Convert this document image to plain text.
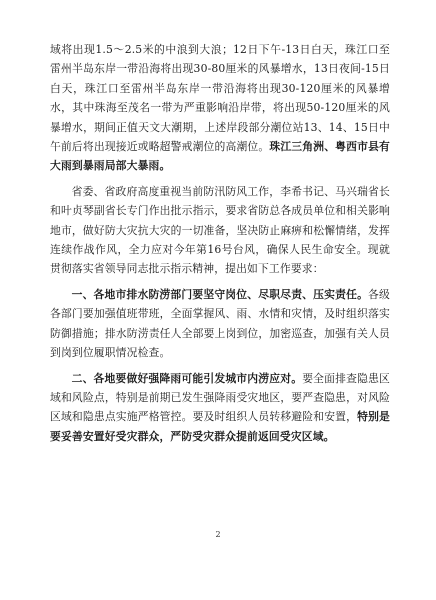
域将出现1.5～2.5米的中浪到大浪；12日下午-13日白天，珠江口至雷州半岛东岸一带沿海将出现30-80厘米的风暴增水，13日夜间-15日白天，珠江口至雷州半岛东岸一带沿海将出现30-120厘米的风暴增水，其中珠海至茂名一带为严重影响沿岸带，将出现50-120厘米的风暴增水，期间正值天文大潮期，上述岸段部分潮位站13、14、15日中午前后将出现接近或略超警戒潮位的高潮位。珠江三角洲、粤西市县有大雨到暴雨局部大暴雨。

省委、省政府高度重视当前防汛防风工作，李希书记、马兴瑞省长和叶贞琴副省长专门作出批示指示，要求省防总各成员单位和相关影响地市，做好防大灾抗大灾的一切准备，坚决防止麻痹和松懈情绪，发挥连续作战作风，全力应对今年第16号台风，确保人民生命安全。现就贯彻落实省领导同志批示指示精神，提出如下工作要求：

一、各地市排水防涝部门要坚守岗位、尽职尽责、压实责任。各级各部门要加强值班带班，全面掌握风、雨、水情和灾情，及时组织落实防御措施；排水防涝责任人全部要上岗到位，加密巡查，加强有关人员到岗到位履职情况检查。

二、各地要做好强降雨可能引发城市内涝应对。要全面排查隐患区域和风险点，特别是前期已发生强降雨受灾地区，要严查隐患，对风险区域和隐患点实施严格管控。要及时组织人员转移避险和安置，特别是要妥善安置好受灾群众，严防受灾群众提前返回受灾区域。

2
